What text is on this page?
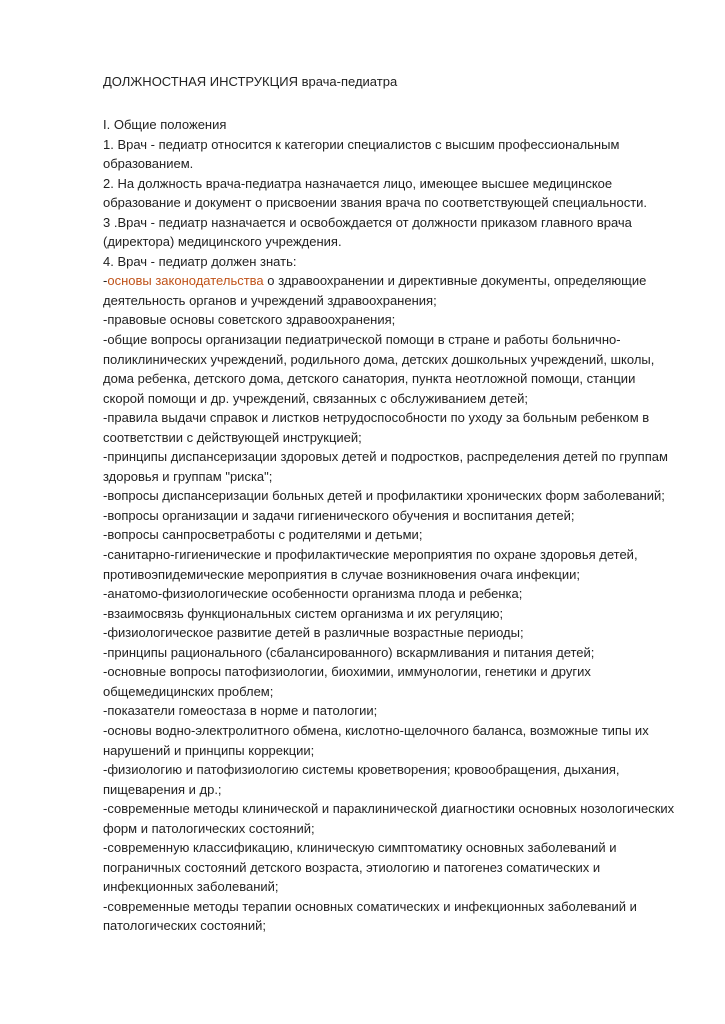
ДОЛЖНОСТНАЯ ИНСТРУКЦИЯ врача-педиатра
I. Общие положения
1. Врач - педиатр относится к категории специалистов с высшим профессиональным
образованием.
2. На должность врача-педиатра назначается лицо, имеющее высшее медицинское
образование и документ о присвоении звания врача по соответствующей специальности.
3 .Врач - педиатр назначается и освобождается от должности приказом главного врача
(директора) медицинского учреждения.
4. Врач - педиатр должен знать:
-основы законодательства о здравоохранении и директивные документы, определяющие
деятельность органов и учреждений здравоохранения;
-правовые основы советского здравоохранения;
-общие вопросы организации педиатрической помощи в стране и работы больнично-
поликлинических учреждений, родильного дома, детских дошкольных учреждений, школы,
дома ребенка, детского дома, детского санатория, пункта неотложной помощи, станции
скорой помощи и др. учреждений, связанных с обслуживанием детей;
-правила выдачи справок и листков нетрудоспособности по уходу за больным ребенком в
соответствии с действующей инструкцией;
-принципы диспансеризации здоровых детей и подростков, распределения детей по группам
здоровья и группам "риска";
-вопросы диспансеризации больных детей и профилактики хронических форм заболеваний;
-вопросы организации и задачи гигиенического обучения и воспитания детей;
-вопросы санпросветработы с родителями и детьми;
-санитарно-гигиенические и профилактические мероприятия по охране здоровья детей,
противоэпидемические мероприятия в случае возникновения очага инфекции;
-анатомо-физиологические особенности организма плода и ребенка;
-взаимосвязь функциональных систем организма и их регуляцию;
-физиологическое развитие детей в различные возрастные периоды;
-принципы рационального (сбалансированного) вскармливания и питания детей;
-основные вопросы патофизиологии, биохимии, иммунологии, генетики и других
общемедицинских проблем;
-показатели гомеостаза в норме и патологии;
-основы водно-электролитного обмена, кислотно-щелочного баланса, возможные типы их
нарушений и принципы коррекции;
-физиологию и патофизиологию системы кроветворения; кровообращения, дыхания,
пищеварения и др.;
-современные методы клинической и параклинической диагностики основных нозологических
форм и патологических состояний;
-современную классификацию, клиническую симптоматику основных заболеваний и
пограничных состояний детского возраста, этиологию и патогенез соматических и
инфекционных заболеваний;
-современные методы терапии основных соматических и инфекционных заболеваний и
патологических состояний;
